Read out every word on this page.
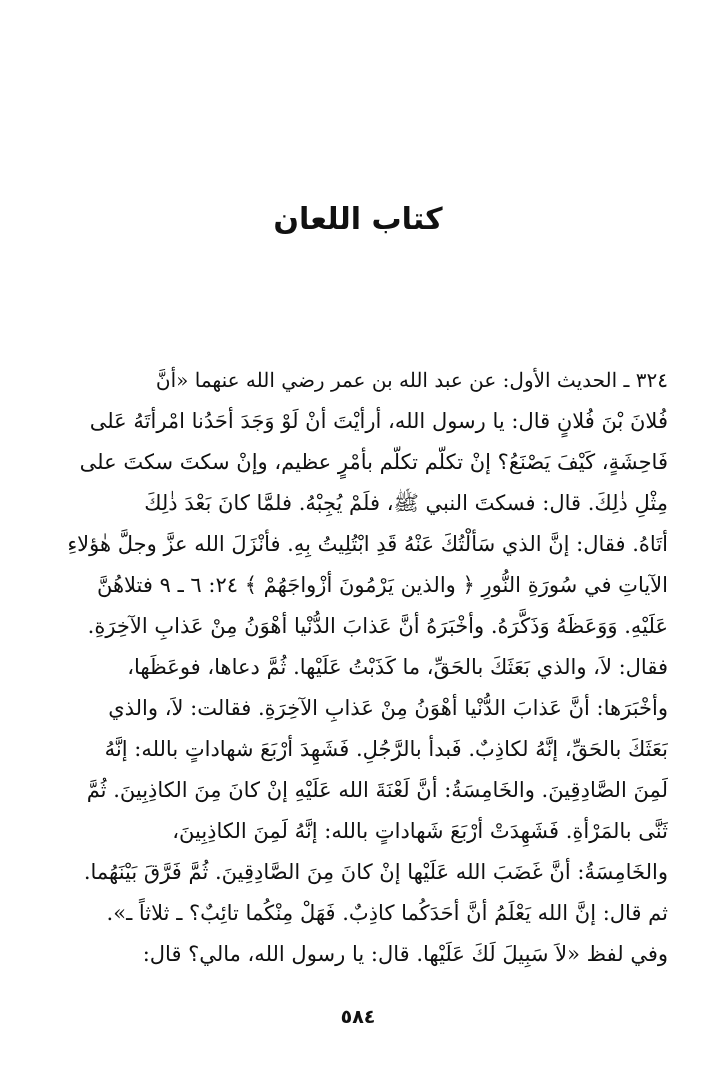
كتاب اللعان
٣٢٤ ـ الحديث الأول: عن عبد الله بن عمر رضي الله عنهما «أنَّ
فُلانَ بْنَ فُلانٍ قال: يا رسول الله، أرأيْتَ أنْ لَوْ وَجَدَ أحَدُنا امْرأتَهُ عَلى
فَاحِشَةٍ، كَيْفَ يَصْنَعُ؟ إنْ تكلّم تكلّم بأمْرٍ عظيم، وإنْ سكتَ سكتَ على
مِثْلِ ذٰلِكَ. قال: فسكتَ النبي ﷺ، فلَمْ يُجِبْهُ. فلمَّا كانَ بَعْدَ ذٰلِكَ
أتَاهُ. فقال: إنَّ الذي سَألْتُكَ عَنْهُ قَدِ ابْتُلِيتُ بِهِ. فأنْزَلَ الله عزَّ وجلَّ هٰؤلاءِ
الآياتِ في سُورَةِ النُّورِ ﴿ والذين يَرْمُونَ أزْواجَهُمْ ﴾ ٢٤: ٦ ـ ٩ فتلاهُنَّ
عَلَيْهِ. وَوَعَظَهُ وَذَكَّرَهُ. وأخْبَرَهُ أنَّ عَذابَ الدُّنْيا أهْوَنُ مِنْ عَذابِ الآخِرَةِ.
فقال: لاَ، والذي بَعَثَكَ بالحَقِّ، ما كَذَبْتُ عَلَيْها. ثُمَّ دعاها، فوعَظَها،
وأخْبَرَها: أنَّ عَذابَ الدُّنْيا أهْوَنُ مِنْ عَذابِ الآخِرَةِ. فقالت: لاَ، والذي
بَعَثَكَ بالحَقِّ، إنَّهُ لكاذِبٌ. فَبدأ بالرَّجُلِ. فَشَهِدَ أرْبَعَ شهاداتٍ بالله: إنَّهُ
لَمِنَ الصَّادِقِينَ. والخَامِسَةُ: أنَّ لَعْنَةَ الله عَلَيْهِ إنْ كانَ مِنَ الكاذِبِينَ. ثُمَّ
ثَنَّى بالمَرْأةِ. فَشَهِدَتْ أرْبَعَ شَهاداتٍ بالله: إنَّهُ لَمِنَ الكاذِبِينَ،
والخَامِسَةُ: أنَّ غَضَبَ الله عَلَيْها إنْ كانَ مِنَ الصَّادِقِينَ. ثُمَّ فَرَّقَ بَيْنَهُما.
ثم قال: إنَّ الله يَعْلَمُ أنَّ أحَدَكُما كاذِبٌ. فَهَلْ مِنْكُما تائِبٌ؟ ـ ثلاثاً ـ».
وفي لفظ «لاَ سَبِيلَ لَكَ عَلَيْها. قال: يا رسول الله، مالي؟ قال:
٥٨٤
